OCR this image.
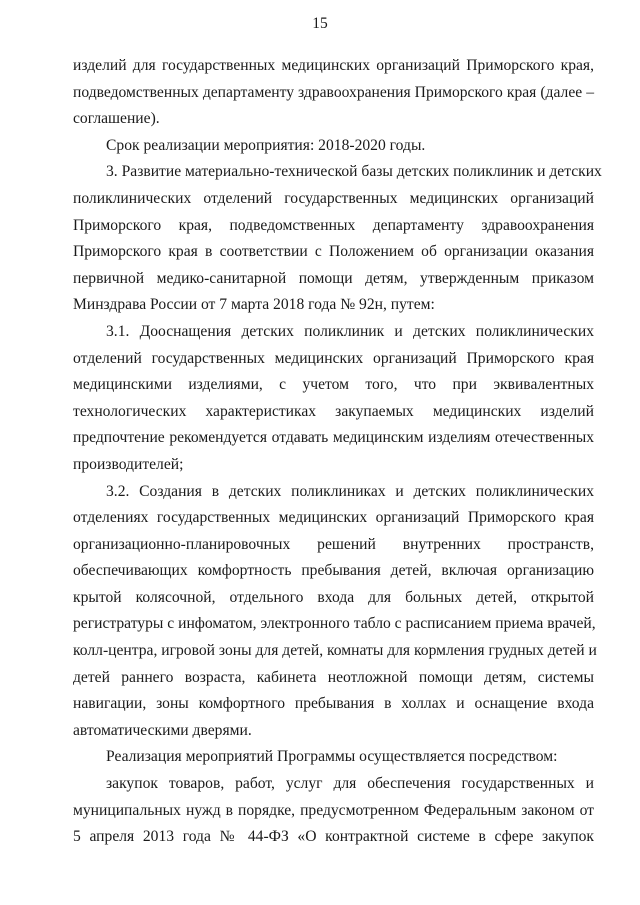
15
изделий для государственных медицинских организаций Приморского края,
подведомственных департаменту здравоохранения Приморского края (далее –
соглашение).
Срок реализации мероприятия: 2018-2020 годы.
3. Развитие материально-технической базы детских поликлиник и детских
поликлинических отделений государственных медицинских организаций
Приморского края, подведомственных департаменту здравоохранения
Приморского края в соответствии с Положением об организации оказания
первичной медико-санитарной помощи детям, утвержденным приказом
Минздрава России от 7 марта 2018 года № 92н, путем:
3.1. Дооснащения детских поликлиник и детских поликлинических
отделений государственных медицинских организаций Приморского края
медицинскими изделиями, с учетом того, что при эквивалентных
технологических характеристиках закупаемых медицинских изделий
предпочтение рекомендуется отдавать медицинским изделиям отечественных
производителей;
3.2. Создания в детских поликлиниках и детских поликлинических
отделениях государственных медицинских организаций Приморского края
организационно-планировочных решений внутренних пространств,
обеспечивающих комфортность пребывания детей, включая организацию
крытой колясочной, отдельного входа для больных детей, открытой
регистратуры с инфоматом, электронного табло с расписанием приема врачей,
колл-центра, игровой зоны для детей, комнаты для кормления грудных детей и
детей раннего возраста, кабинета неотложной помощи детям, системы
навигации, зоны комфортного пребывания в холлах и оснащение входа
автоматическими дверями.
Реализация мероприятий Программы осуществляется посредством:
закупок товаров, работ, услуг для обеспечения государственных и
муниципальных нужд в порядке, предусмотренном Федеральным законом от
5 апреля 2013 года № 44-ФЗ «О контрактной системе в сфере закупок
